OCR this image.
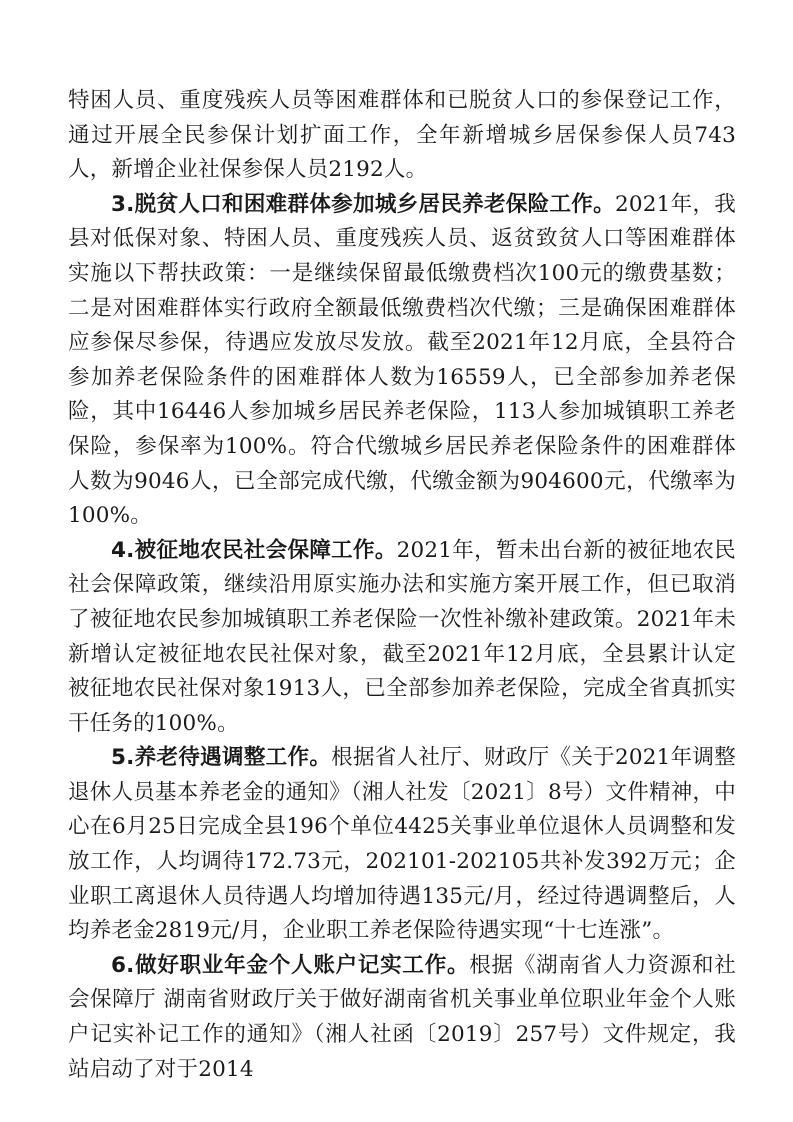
特困人员、重度残疾人员等困难群体和已脱贫人口的参保登记工作，通过开展全民参保计划扩面工作，全年新增城乡居保参保人员743人，新增企业社保参保人员2192人。

3.脱贫人口和困难群体参加城乡居民养老保险工作。2021年，我县对低保对象、特困人员、重度残疾人员、返贫致贫人口等困难群体实施以下帮扶政策：一是继续保留最低缴费档次100元的缴费基数；二是对困难群体实行政府全额最低缴费档次代缴；三是确保困难群体应参保尽参保，待遇应发放尽发放。截至2021年12月底，全县符合参加养老保险条件的困难群体人数为16559人，已全部参加养老保险，其中16446人参加城乡居民养老保险，113人参加城镇职工养老保险，参保率为100%。符合代缴城乡居民养老保险条件的困难群体人数为9046人，已全部完成代缴，代缴金额为904600元，代缴率为100%。

4.被征地农民社会保障工作。2021年，暂未出台新的被征地农民社会保障政策，继续沿用原实施办法和实施方案开展工作，但已取消了被征地农民参加城镇职工养老保险一次性补缴补建政策。2021年未新增认定被征地农民社保对象，截至2021年12月底，全县累计认定被征地农民社保对象1913人，已全部参加养老保险，完成全省真抓实干任务的100%。

5.养老待遇调整工作。根据省人社厅、财政厅《关于2021年调整退休人员基本养老金的通知》（湘人社发〔2021〕8号）文件精神，中心在6月25日完成全县196个单位4425关事业单位退休人员调整和发放工作，人均调待172.73元，202101-202105共补发392万元；企业职工离退休人员待遇人均增加待遇135元/月，经过待遇调整后，人均养老金2819元/月，企业职工养老保险待遇实现“十七连涨”。

6.做好职业年金个人账户记实工作。根据《湖南省人力资源和社会保障厅 湖南省财政厅关于做好湖南省机关事业单位职业年金个人账户记实补记工作的通知》（湘人社函〔2019〕257号）文件规定，我站启动了对于2014
